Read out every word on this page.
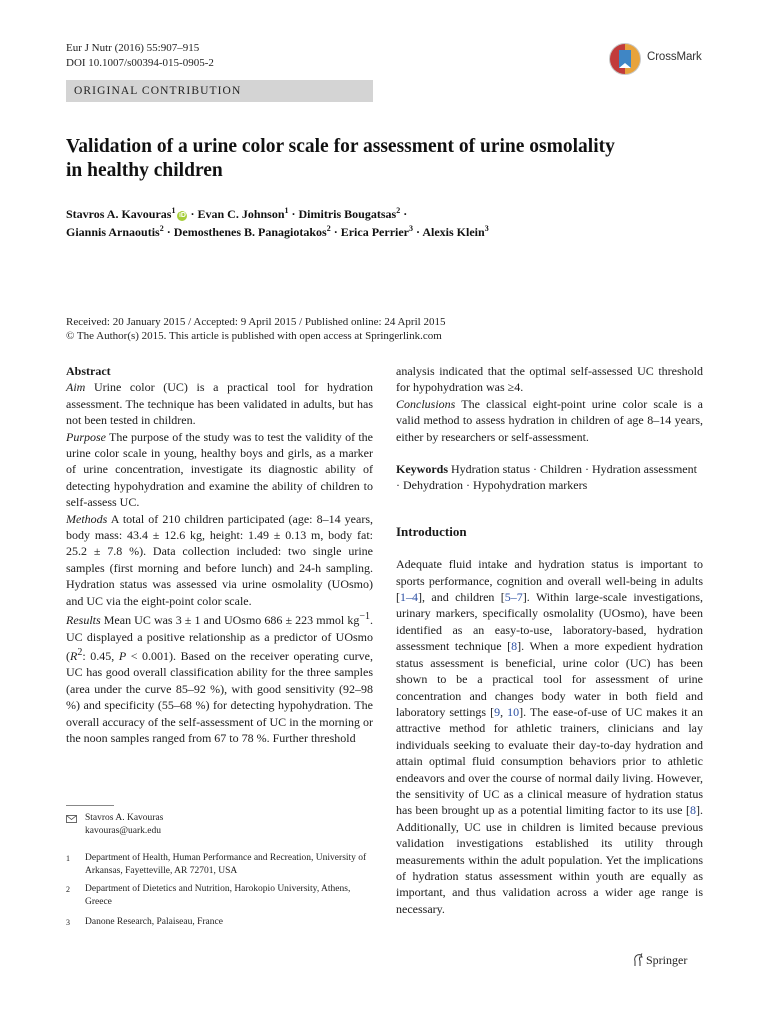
Eur J Nutr (2016) 55:907–915
DOI 10.1007/s00394-015-0905-2	CrossMark
ORIGINAL CONTRIBUTION
Validation of a urine color scale for assessment of urine osmolality
in healthy children
Stavros A. Kavouras$^1$iD · Evan C. Johnson$^1$ · Dimitris Bougatsas$^2$ ·
Giannis Arnaoutis$^2$ · Demosthenes B. Panagiotakos$^2$ · Erica Perrier$^3$ · Alexis Klein$^3$
Received: 20 January 2015 / Accepted: 9 April 2015 / Published online: 24 April 2015
© The Author(s) 2015. This article is published with open access at Springerlink.com

Abstract

Aim Urine color (UC) is a practical tool for hydration assessment. The technique has been validated in adults, but has not been tested in children.

Purpose The purpose of the study was to test the validity of the urine color scale in young, healthy boys and girls, as a marker of urine concentration, investigate its diagnostic ability of detecting hypohydration and examine the ability of children to self-assess UC.

Methods A total of 210 children participated (age: 8–14 years, body mass: 43.4 ± 12.6 kg, height: 1.49 ± 0.13 m, body fat: 25.2 ± 7.8 %). Data collection included: two single urine samples (first morning and before lunch) and 24-h sampling. Hydration status was assessed via urine osmolality (UOsmo) and UC via the eight-point color scale.

Results Mean UC was 3 ± 1 and UOsmo 686 ± 223 mmol $kg^{-1}$. UC displayed a positive relationship as a predictor of UOsmo ($R^2$: 0.45, P < 0.001). Based on the receiver operating curve, UC has good overall classification ability for the three samples (area under the curve 85–92 %), with good sensitivity (92–98 %) and specificity (55–68 %) for detecting hypohydration. The overall accuracy of the self-assessment of UC in the morning or the noon samples ranged from 67 to 78 %. Further threshold

Stavros A. Kavouras
kavouras@uark.edu
1 Department of Health, Human Performance and Recreation, University of Arkansas, Fayetteville, AR 72701, USA
2 Department of Dietetics and Nutrition, Harokopio University, Athens, Greece
3 Danone Research, Palaiseau, France

analysis indicated that the optimal self-assessed UC threshold for hypohydration was ≥4.

Conclusions The classical eight-point urine color scale is a valid method to assess hydration in children of age 8–14 years, either by researchers or self-assessment.

Keywords Hydration status · Children · Hydration assessment · Dehydration · Hypohydration markers

Introduction

Adequate fluid intake and hydration status is important to sports performance, cognition and overall well-being in adults [1–4], and children [5–7]. Within large-scale investigations, urinary markers, specifically osmolality (UOsmo), have been identified as an easy-to-use, laboratory-based, hydration assessment technique [8]. When a more expedient hydration status assessment is beneficial, urine color (UC) has been shown to be a practical tool for assessment of urine concentration and changes body water in both field and laboratory settings [9, 10]. The ease-of-use of UC makes it an attractive method for athletic trainers, clinicians and lay individuals seeking to evaluate their day-to-day hydration and attain optimal fluid consumption behaviors prior to athletic endeavors and over the course of normal daily living. However, the sensitivity of UC as a clinical measure of hydration status has been brought up as a potential limiting factor to its use [8]. Additionally, UC use in children is limited because previous validation investigations established its utility through measurements within the adult population. Yet the implications of hydration status assessment within youth are equally as important, and thus validation across a wider age range is necessary.

Springer
